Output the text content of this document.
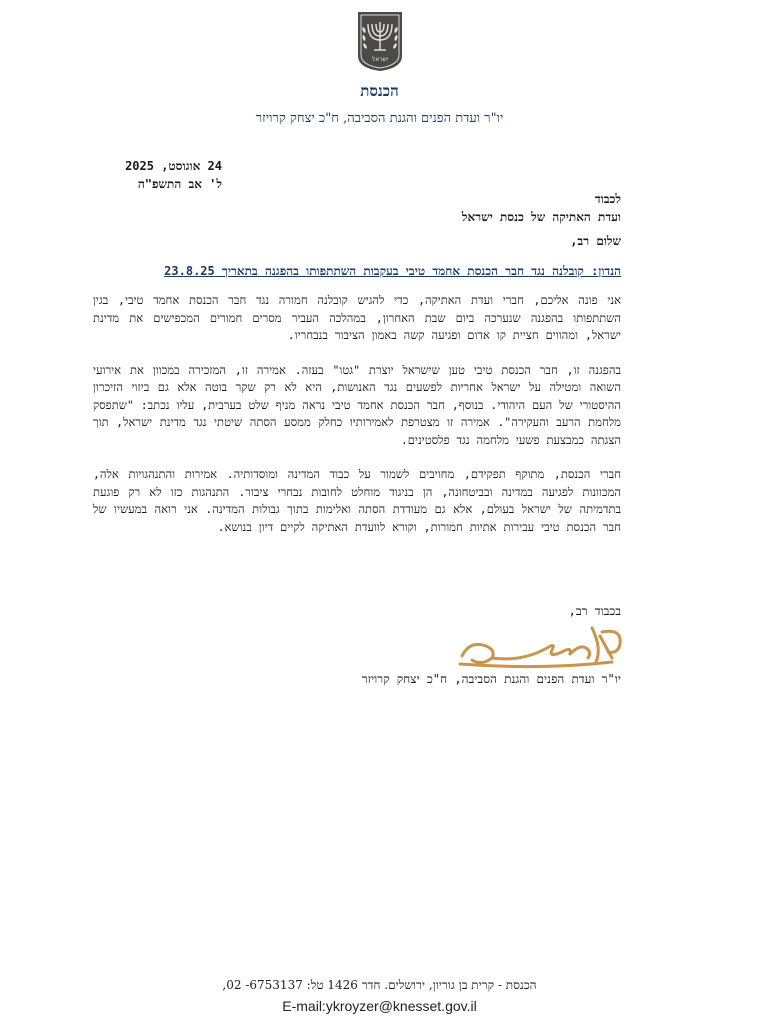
ישראל
הכנסת
יו"ר ועדת הפנים והגנת הסביבה, ח"כ יצחק קרויזר
24 אוגוסט, 2025
ל' אב התשפ"ה
לכבוד
ועדת האתיקה של כנסת ישראל
שלום רב,
הנדון: קובלנה נגד חבר הכנסת אחמד טיבי בעקבות השתתפותו בהפגנה בתאריך 23.8.25

אני פונה אליכם, חברי ועדת האתיקה, כדי להגיש קובלנה חמורה נגד חבר הכנסת אחמד טיבי, בגין השתתפותו בהפגנה שנערכה ביום שבת האחרון, במהלכה העביר מסרים חמורים המכפישים את מדינת ישראל, ומהווים חציית קו אדום ופגיעה קשה באמון הציבור בנבחריו.

בהפגנה זו, חבר הכנסת טיבי טען שישראל יוצרת "גטו" בעזה. אמירה זו, המזכירה במכוון את אירועי השואה ומטילה על ישראל אחריות לפשעים נגד האנושות, היא לא רק שקר בוטה אלא גם ביזוי הזיכרון ההיסטורי של העם היהודי. בנוסף, חבר הכנסת אחמד טיבי נראה מניף שלט בערבית, עליו נכתב: "שתפסק מלחמת הרעב והעקירה". אמירה זו מצטרפת לאמירותיו כחלק ממסע הסתה שיטתי נגד מדינת ישראל, תוך הצגתה כמבצעת פשעי מלחמה נגד פלסטינים.

חברי הכנסת, מתוקף תפקידם, מחויבים לשמור על כבוד המדינה ומוסדותיה. אמירות והתנהגויות אלה, המכוונות לפגיעה במדינה ובביטחונה, הן בניגוד מוחלט לחובות נבחרי ציבור. התנהגות כזו לא רק פוגעת בתדמיתה של ישראל בעולם, אלא גם מעודדת הסתה ואלימות בתוך גבולות המדינה. אני רואה במעשיו של חבר הכנסת טיבי עבירות אתיות חמורות, וקורא לוועדת האתיקה לקיים דיון בנושא.

בכבוד רב,
יו"ר ועדת הפנים והגנת הסביבה, ח"כ יצחק קרויזר
הכנסת - קרית בן גוריון, ירושלים. חדר 1426 טל: 6753137- 02,
E-mail:ykroyzer@knesset.gov.il
